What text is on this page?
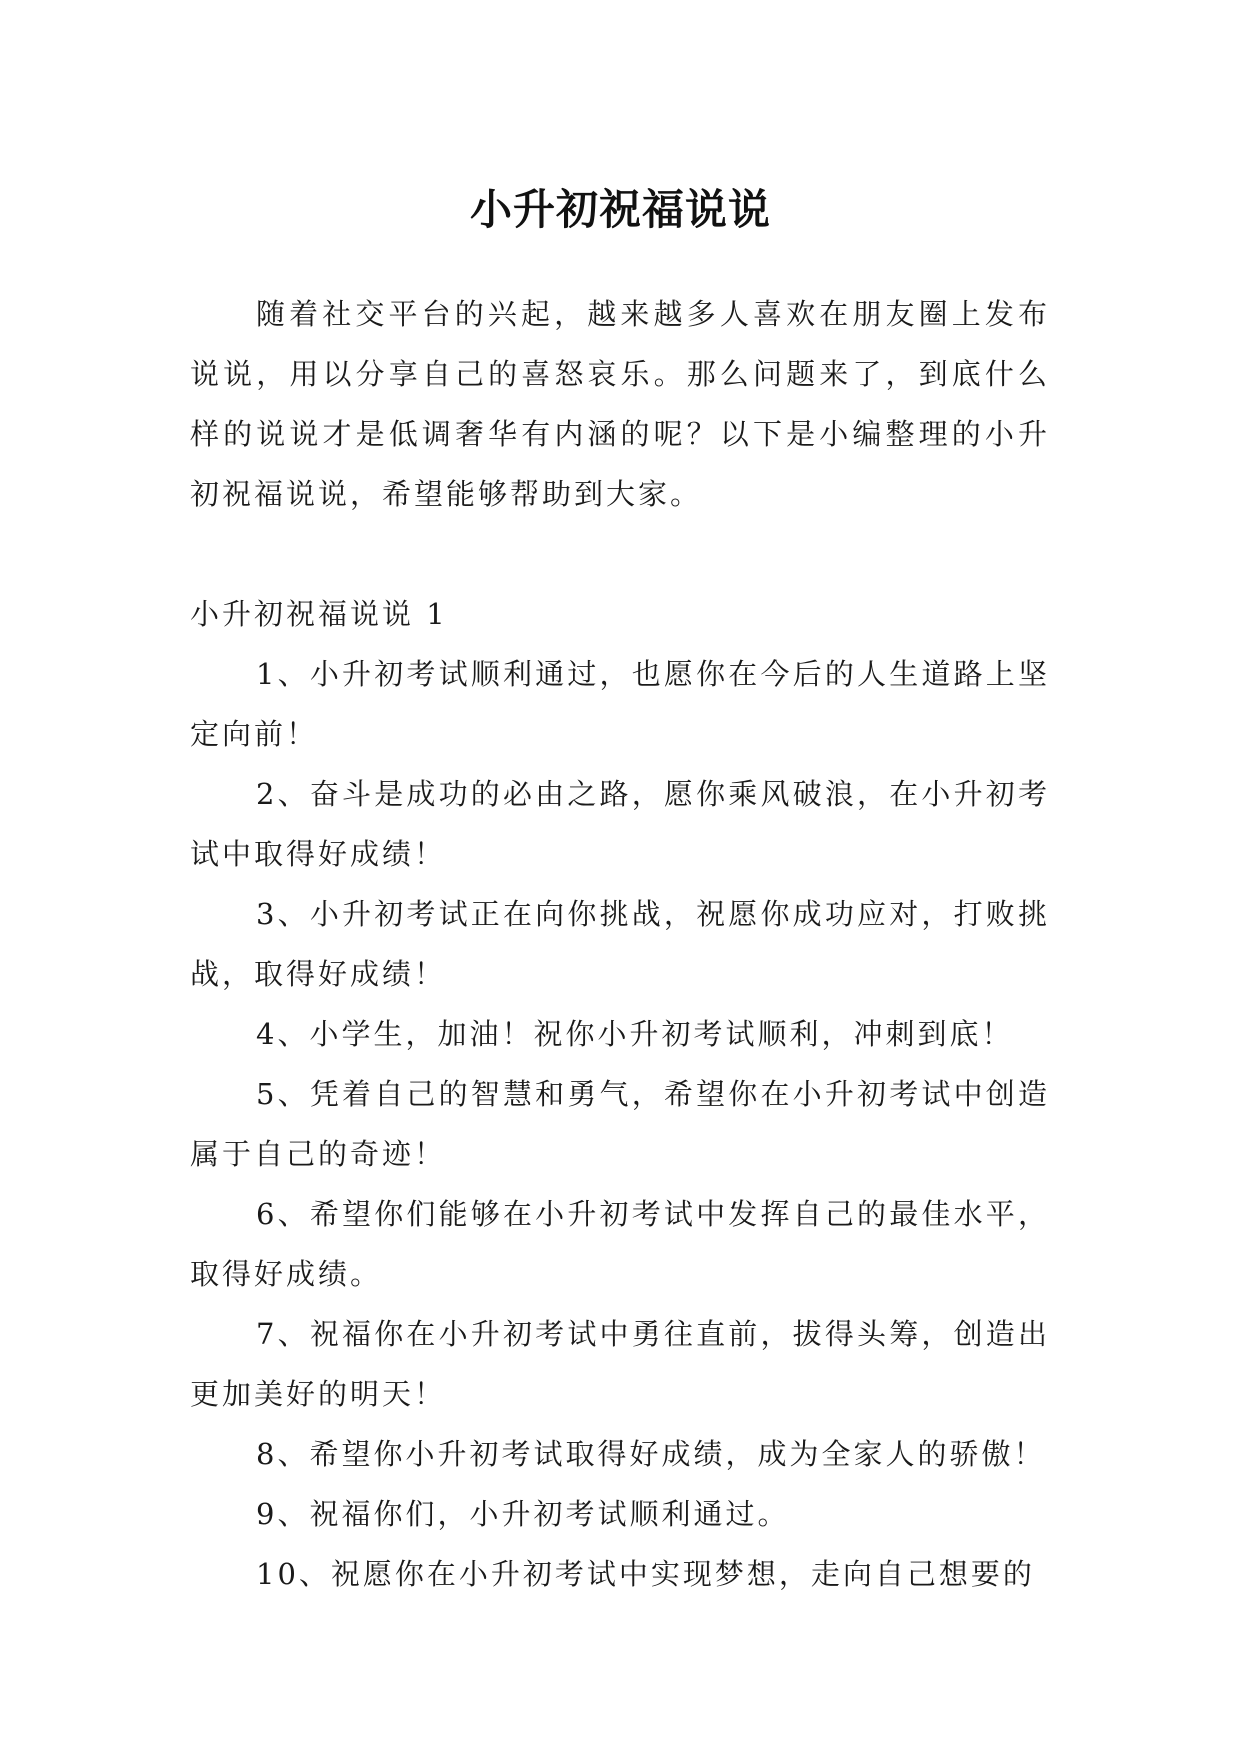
小升初祝福说说

随着社交平台的兴起，越来越多人喜欢在朋友圈上发布说说，用以分享自己的喜怒哀乐。那么问题来了，到底什么样的说说才是低调奢华有内涵的呢？以下是小编整理的小升初祝福说说，希望能够帮助到大家。

小升初祝福说说 1

1、小升初考试顺利通过，也愿你在今后的人生道路上坚定向前！

2、奋斗是成功的必由之路，愿你乘风破浪，在小升初考试中取得好成绩！

3、小升初考试正在向你挑战，祝愿你成功应对，打败挑战，取得好成绩！

4、小学生，加油！祝你小升初考试顺利，冲刺到底！

5、凭着自己的智慧和勇气，希望你在小升初考试中创造属于自己的奇迹！

6、希望你们能够在小升初考试中发挥自己的最佳水平，取得好成绩。

7、祝福你在小升初考试中勇往直前，拔得头筹，创造出更加美好的明天！

8、希望你小升初考试取得好成绩，成为全家人的骄傲！

9、祝福你们，小升初考试顺利通过。

10、祝愿你在小升初考试中实现梦想，走向自己想要的
